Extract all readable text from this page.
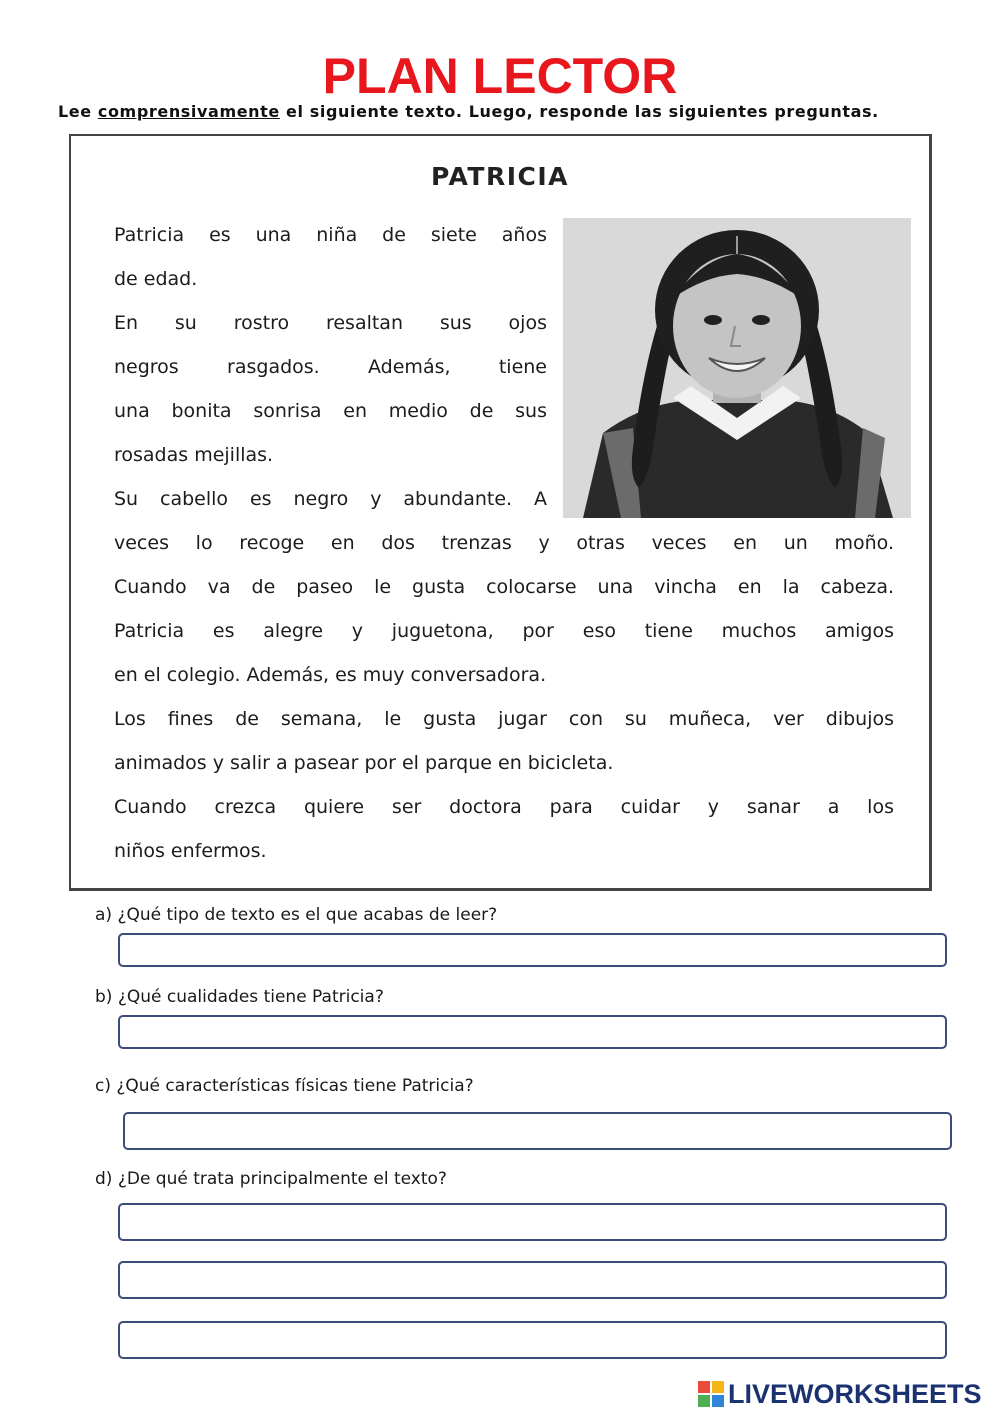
PLAN LECTOR
Lee comprensivamente el siguiente texto. Luego, responde las siguientes preguntas.
PATRICIA
Patricia es una niña de siete años
de edad.
En su rostro resaltan sus ojos
negros rasgados. Además, tiene
una bonita sonrisa en medio de sus
rosadas mejillas.
Su cabello es negro y abundante. A
veces lo recoge en dos trenzas y otras veces en un moño.
Cuando va de paseo le gusta colocarse una vincha en la cabeza.
Patricia es alegre y juguetona, por eso tiene muchos amigos
en el colegio. Además, es muy conversadora.
Los fines de semana, le gusta jugar con su muñeca, ver dibujos
animados y salir a pasear por el parque en bicicleta.
Cuando crezca quiere ser doctora para cuidar y sanar a los
niños enfermos.
a) ¿Qué tipo de texto es el que acabas de leer?
b) ¿Qué cualidades tiene Patricia?
c) ¿Qué características físicas tiene Patricia?
d) ¿De qué trata principalmente el texto?
LIVEWORKSHEETS
